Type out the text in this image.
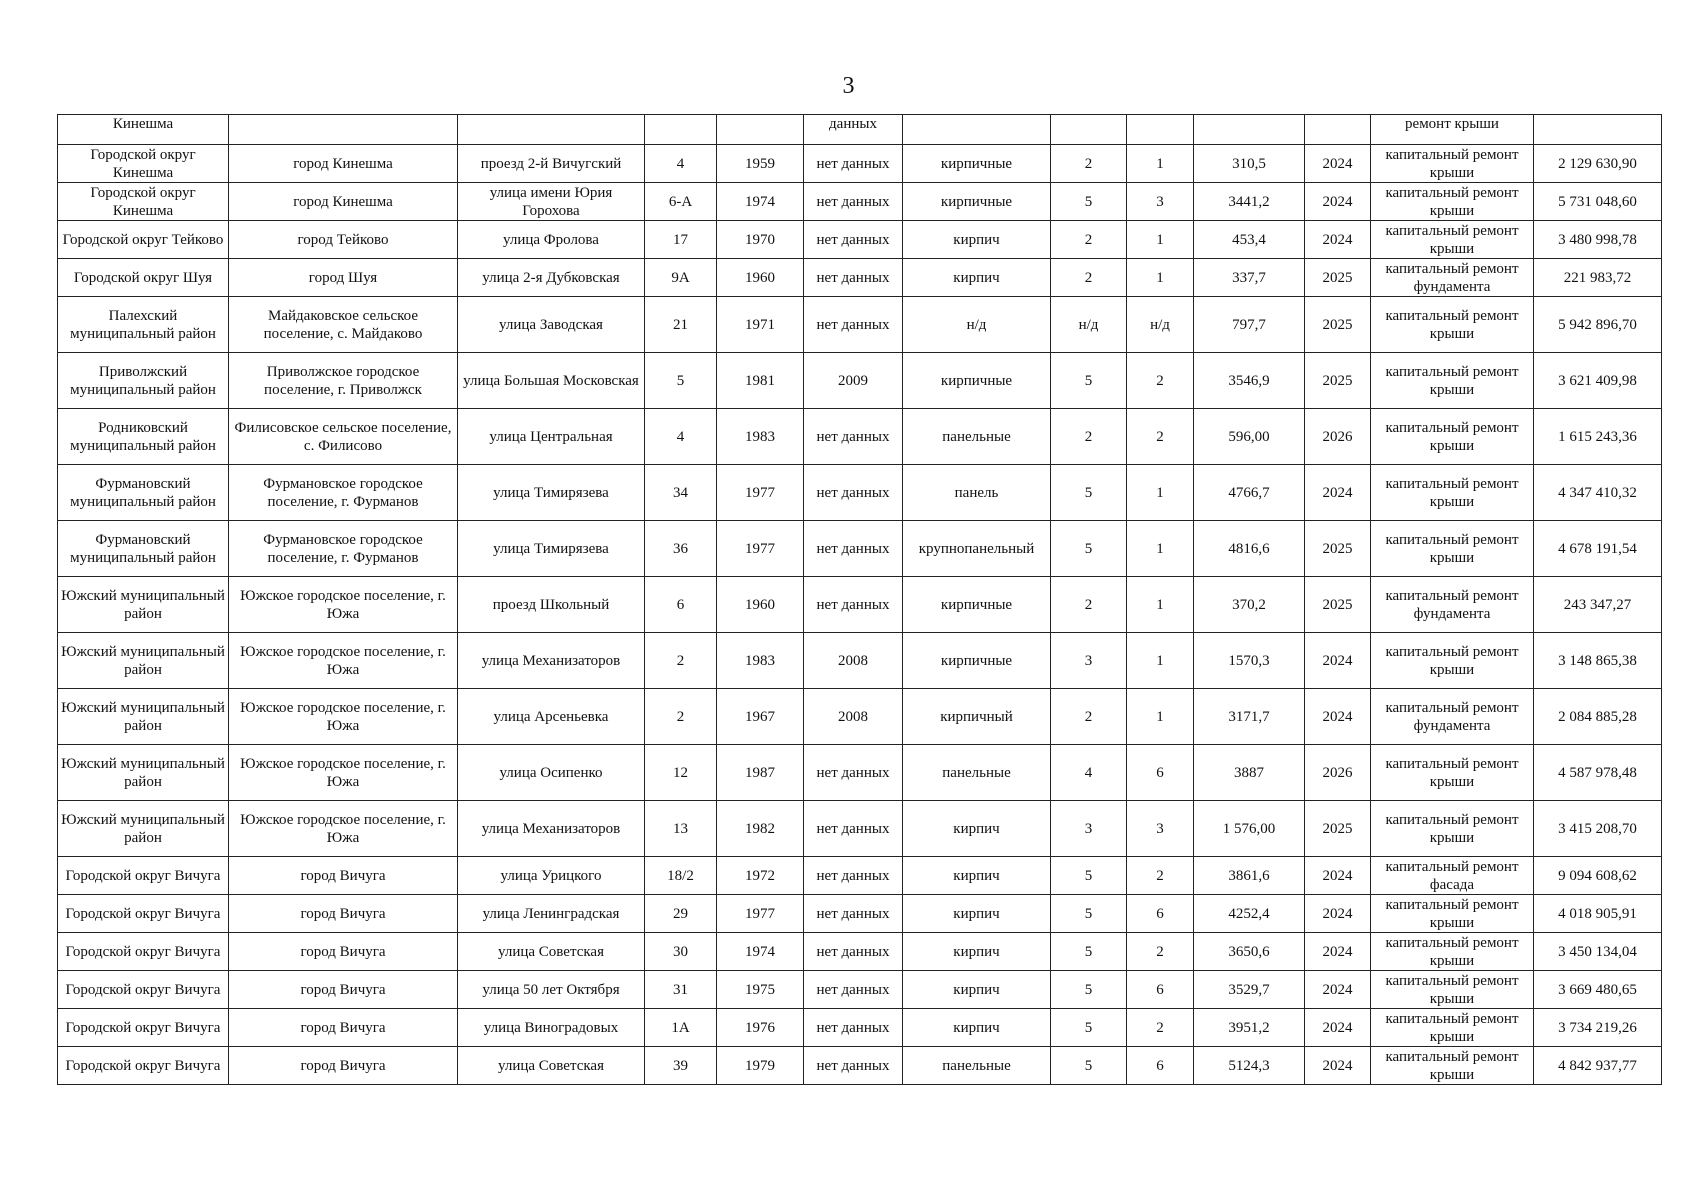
3
Кинешма					данных						ремонт крыши	
Городской округ Кинешма	город Кинешма	проезд 2-й Вичугский	4	1959	нет данных	кирпичные	2	1	310,5	2024	капитальный ремонт крыши	2 129 630,90
Городской округ Кинешма	город Кинешма	улица имени Юрия Горохова	6-А	1974	нет данных	кирпичные	5	3	3441,2	2024	капитальный ремонт крыши	5 731 048,60
Городской округ Тейково	город Тейково	улица Фролова	17	1970	нет данных	кирпич	2	1	453,4	2024	капитальный ремонт крыши	3 480 998,78
Городской округ Шуя	город Шуя	улица 2-я Дубковская	9А	1960	нет данных	кирпич	2	1	337,7	2025	капитальный ремонт фундамента	221 983,72
Палехский муниципальный район	Майдаковское сельское поселение, с. Майдаково	улица Заводская	21	1971	нет данных	н/д	н/д	н/д	797,7	2025	капитальный ремонт крыши	5 942 896,70
Приволжский муниципальный район	Приволжское городское поселение, г. Приволжск	улица Большая Московская	5	1981	2009	кирпичные	5	2	3546,9	2025	капитальный ремонт крыши	3 621 409,98
Родниковский муниципальный район	Филисовское сельское поселение, с. Филисово	улица Центральная	4	1983	нет данных	панельные	2	2	596,00	2026	капитальный ремонт крыши	1 615 243,36
Фурмановский муниципальный район	Фурмановское городское поселение, г. Фурманов	улица Тимирязева	34	1977	нет данных	панель	5	1	4766,7	2024	капитальный ремонт крыши	4 347 410,32
Фурмановский муниципальный район	Фурмановское городское поселение, г. Фурманов	улица Тимирязева	36	1977	нет данных	крупнопанельный	5	1	4816,6	2025	капитальный ремонт крыши	4 678 191,54
Южский муниципальный район	Южское городское поселение, г. Южа	проезд Школьный	6	1960	нет данных	кирпичные	2	1	370,2	2025	капитальный ремонт фундамента	243 347,27
Южский муниципальный район	Южское городское поселение, г. Южа	улица Механизаторов	2	1983	2008	кирпичные	3	1	1570,3	2024	капитальный ремонт крыши	3 148 865,38
Южский муниципальный район	Южское городское поселение, г. Южа	улица Арсеньевка	2	1967	2008	кирпичный	2	1	3171,7	2024	капитальный ремонт фундамента	2 084 885,28
Южский муниципальный район	Южское городское поселение, г. Южа	улица Осипенко	12	1987	нет данных	панельные	4	6	3887	2026	капитальный ремонт крыши	4 587 978,48
Южский муниципальный район	Южское городское поселение, г. Южа	улица Механизаторов	13	1982	нет данных	кирпич	3	3	1 576,00	2025	капитальный ремонт крыши	3 415 208,70
Городской округ Вичуга	город Вичуга	улица Урицкого	18/2	1972	нет данных	кирпич	5	2	3861,6	2024	капитальный ремонт фасада	9 094 608,62
Городской округ Вичуга	город Вичуга	улица Ленинградская	29	1977	нет данных	кирпич	5	6	4252,4	2024	капитальный ремонт крыши	4 018 905,91
Городской округ Вичуга	город Вичуга	улица Советская	30	1974	нет данных	кирпич	5	2	3650,6	2024	капитальный ремонт крыши	3 450 134,04
Городской округ Вичуга	город Вичуга	улица 50 лет Октября	31	1975	нет данных	кирпич	5	6	3529,7	2024	капитальный ремонт крыши	3 669 480,65
Городской округ Вичуга	город Вичуга	улица Виноградовых	1А	1976	нет данных	кирпич	5	2	3951,2	2024	капитальный ремонт крыши	3 734 219,26
Городской округ Вичуга	город Вичуга	улица Советская	39	1979	нет данных	панельные	5	6	5124,3	2024	капитальный ремонт крыши	4 842 937,77
